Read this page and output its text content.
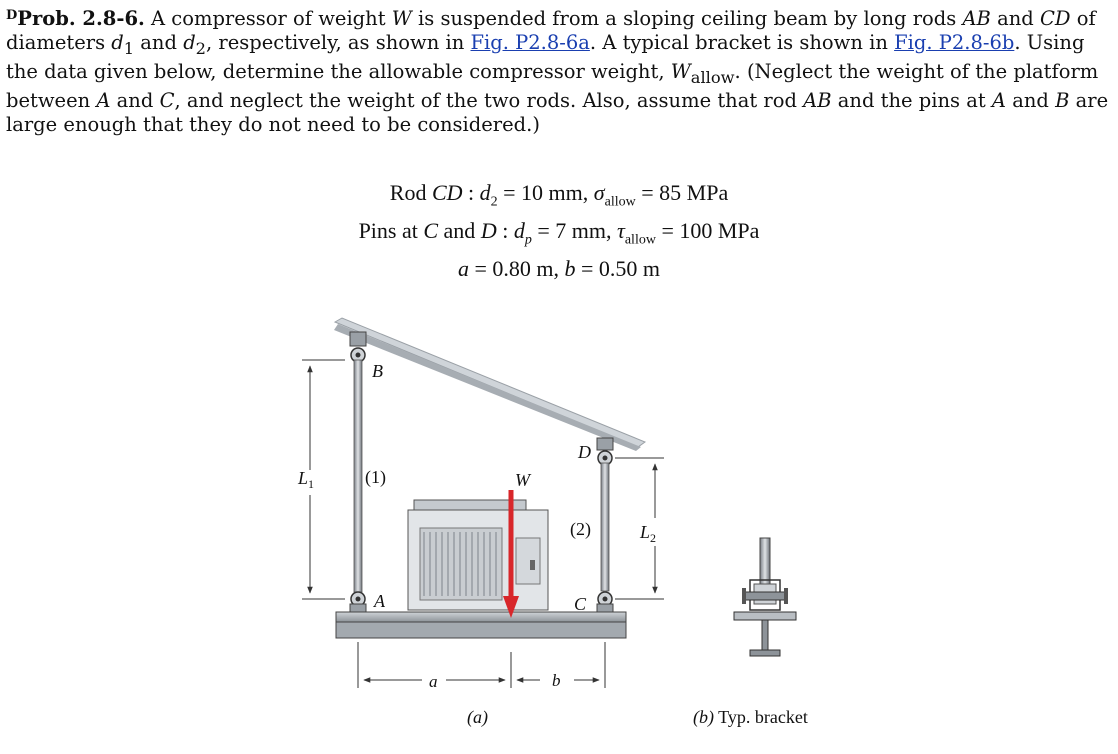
$^D$Prob. 2.8-6. A compressor of weight W is suspended from a sloping ceiling beam by long rods AB and CD of diameters $d_1$ and $d_2$, respectively, as shown in Fig. P2.8-6a. A typical bracket is shown in Fig. P2.8-6b. Using the data given below, determine the allowable compressor weight, $W_{allow}$. (Neglect the weight of the platform between A and C, and neglect the weight of the two rods. Also, assume that rod AB and the pins at A and B are large enough that they do not need to be considered.)
Rod CD : $d_2 = 10$ mm, $\sigma_{allow} = 85$ MPa
Pins at C and D : $d_p = 7$ mm, $\tau_{allow} = 100$ MPa
a = 0.80 m, b = 0.50 m
B
A	C
D
W
$L_1$
$L_2$
(1)
(2)
a	b
(a)	(b) Typ. bracket
